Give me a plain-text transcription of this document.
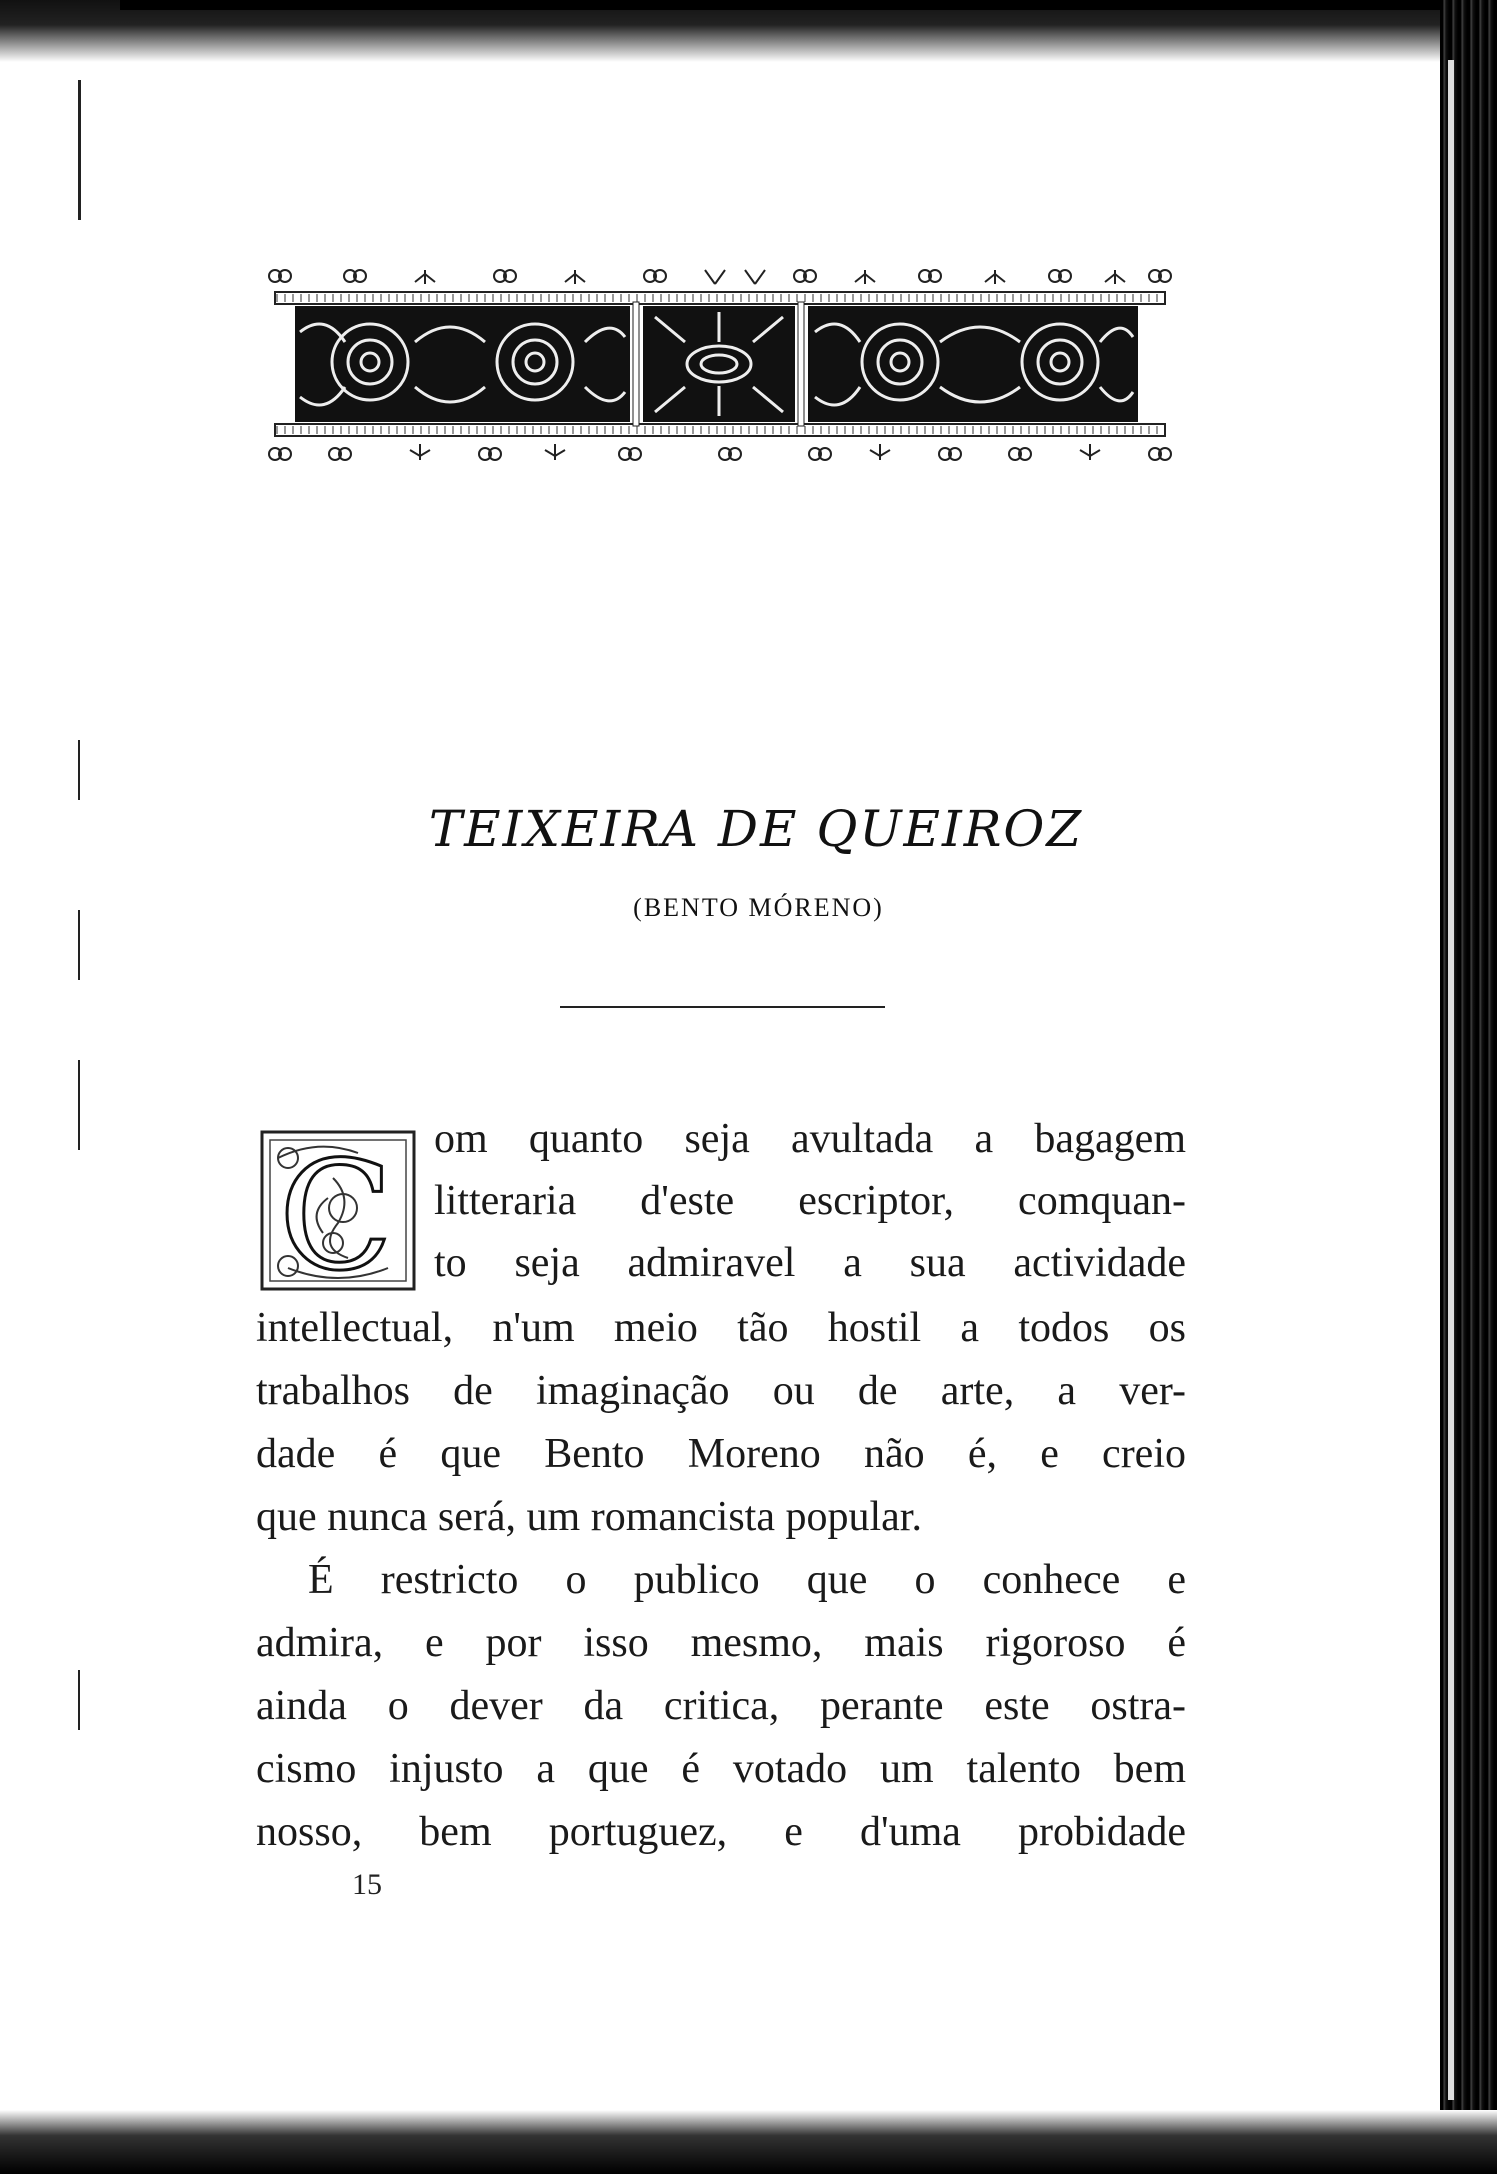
TEIXEIRA DE QUEIROZ
(BENTO MÓRENO)
C om quanto seja avultada a bagagem
litteraria d'este escriptor, comquan-
to seja admiravel a sua actividade
intellectual, n'um meio tão hostil a todos os
trabalhos de imaginação ou de arte, a ver-
dade é que Bento Moreno não é, e creio
que nunca será, um romancista popular.
É restricto o publico que o conhece e
admira, e por isso mesmo, mais rigoroso é
ainda o dever da critica, perante este ostra-
cismo injusto a que é votado um talento bem
nosso, bem portuguez, e d'uma probidade
15
